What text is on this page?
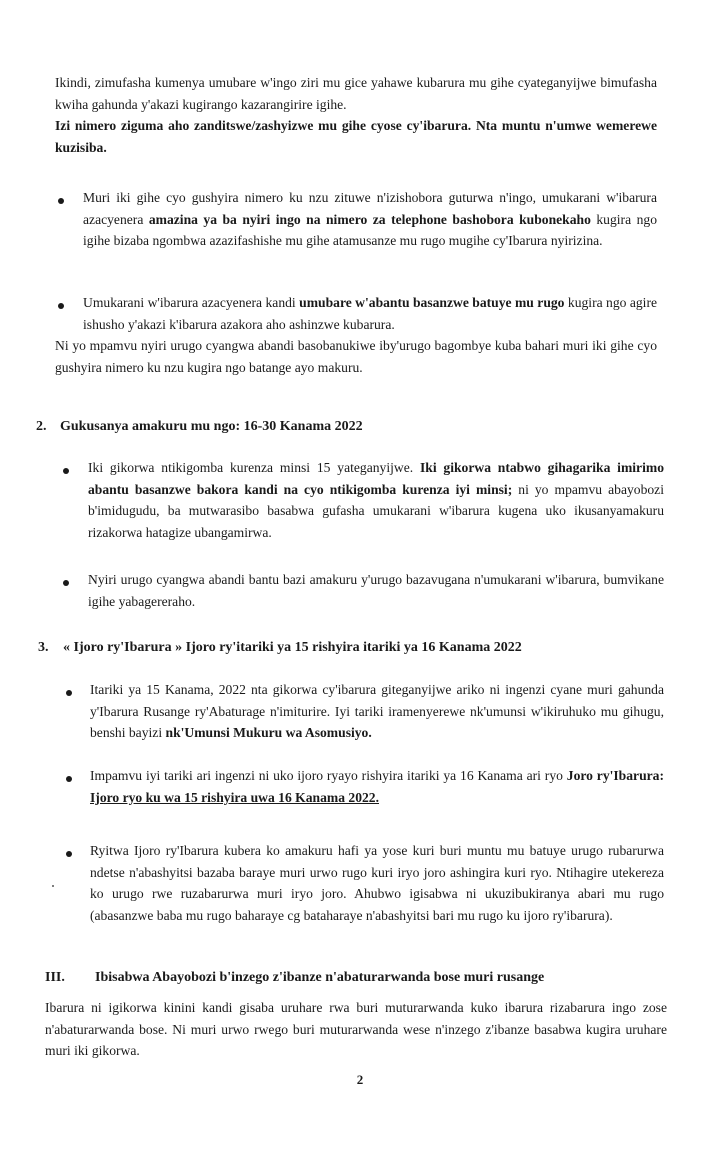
Ikindi, zimufasha kumenya umubare w'ingo ziri mu gice yahawe kubarura mu gihe cyateganyijwe bimufasha kwiha gahunda y'akazi kugirango kazarangirire igihe.
Izi nimero ziguma aho zanditswe/zashyizwe mu gihe cyose cy'ibarura. Nta muntu n'umwe wemerewe kuzisiba.
Muri iki gihe cyo gushyira nimero ku nzu zituwe n'izishobora guturwa n'ingo, umukarani w'ibarura azacyenera amazina ya ba nyiri ingo na nimero za telephone bashobora kubonekaho kugira ngo igihe bizaba ngombwa azazifashishe mu gihe atamusanze mu rugo mugihe cy'Ibarura nyirizina.
Umukarani w'ibarura azacyenera kandi umubare w'abantu basanzwe batuye mu rugo kugira ngo agire ishusho y'akazi k'ibarura azakora aho ashinzwe kubarura.
Ni yo mpamvu nyiri urugo cyangwa abandi basobanukiwe iby'urugo bagombye kuba bahari muri iki gihe cyo gushyira nimero ku nzu kugira ngo batange ayo makuru.
2. Gukusanya amakuru mu ngo: 16-30 Kanama 2022
Iki gikorwa ntikigomba kurenza minsi 15 yateganyijwe. Iki gikorwa ntabwo gihagarika imirimo abantu basanzwe bakora kandi na cyo ntikigomba kurenza iyi minsi; ni yo mpamvu abayobozi b'imidugudu, ba mutwarasibo basabwa gufasha umukarani w'ibarura kugena uko ikusanyamakuru rizakorwa hatagize ubangamirwa.
Nyiri urugo cyangwa abandi bantu bazi amakuru y'urugo bazavugana n'umukarani w'ibarura, bumvikane igihe yabagereraho.
3. « Ijoro ry'Ibarura » Ijoro ry'itariki ya 15 rishyira itariki ya 16 Kanama 2022
Itariki ya 15 Kanama, 2022 nta gikorwa cy'ibarura giteganyijwe ariko ni ingenzi cyane muri gahunda y'Ibarura Rusange ry'Abaturage n'imiturire. Iyi tariki iramenyerewe nk'umunsi w'ikiruhuko mu gihugu, benshi bayizi nk'Umunsi Mukuru wa Asomusiyo.
Impamvu iyi tariki ari ingenzi ni uko ijoro ryayo rishyira itariki ya 16 Kanama ari ryo Joro ry'Ibarura: Ijoro ryo ku wa 15 rishyira uwa 16 Kanama 2022.
Ryitwa Ijoro ry'Ibarura kubera ko amakuru hafi ya yose kuri buri muntu mu batuye urugo rubarurwa ndetse n'abashyitsi bazaba baraye muri urwo rugo kuri iryo joro ashingira kuri ryo. Ntihagire utekereza ko urugo rwe ruzabarurwa muri iryo joro. Ahubwo igisabwa ni ukuzibukiranya abari mu rugo (abasanzwe baba mu rugo baharaye cg bataharaye n'abashyitsi bari mu rugo ku ijoro ry'ibarura).
III. Ibisabwa Abayobozi b'inzego z'ibanze n'abaturarwanda bose muri rusange
Ibarura ni igikorwa kinini kandi gisaba uruhare rwa buri muturarwanda kuko ibarura rizabarura ingo zose n'abaturarwanda bose. Ni muri urwo rwego buri muturarwanda wese n'inzego z'ibanze basabwa kugira uruhare muri iki gikorwa.
2
